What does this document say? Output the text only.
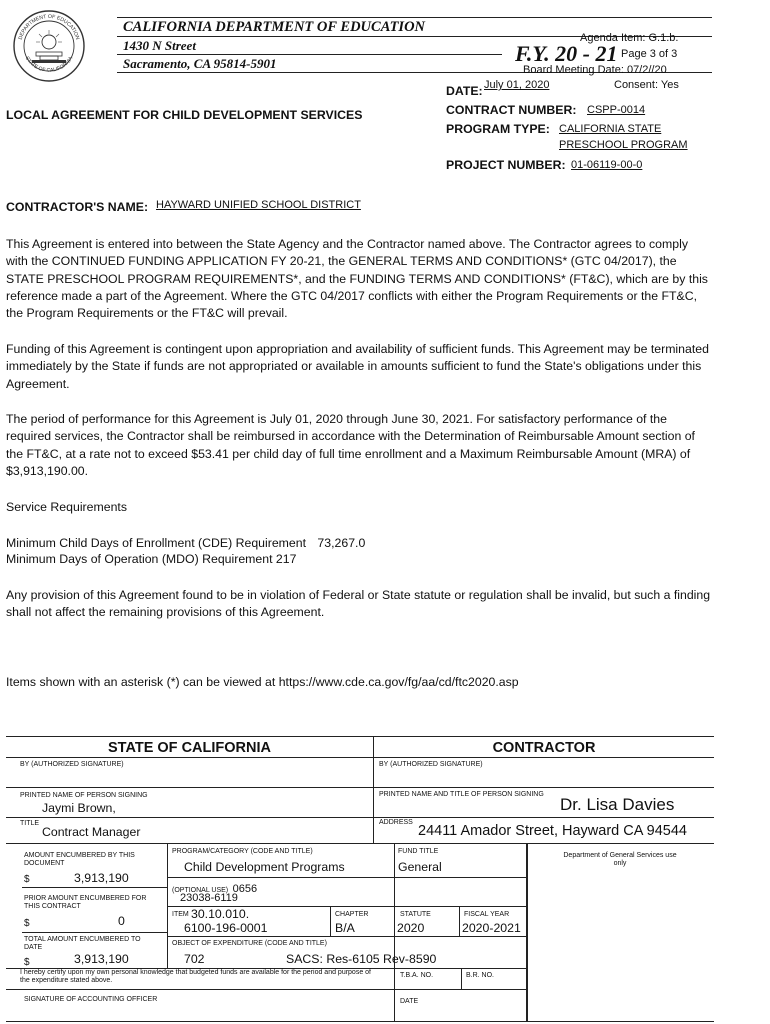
DEPARTMENT OF EDUCATION
STATE OF CALIFORNIA
CALIFORNIA DEPARTMENT OF EDUCATION
1430 N Street
Sacramento, CA 95814-5901
Agenda Item: G.1.b.
F.Y. 20 - 21 Page 3 of 3
Board Meeting Date: 07/2//20
DATE: July 01, 2020	Consent: Yes
LOCAL AGREEMENT FOR CHILD DEVELOPMENT SERVICES	CONTRACT NUMBER: CSPP-0014
PROGRAM TYPE: CALIFORNIA STATE
PRESCHOOL PROGRAM
PROJECT NUMBER: 01-06119-00-0
CONTRACTOR'S NAME: HAYWARD UNIFIED SCHOOL DISTRICT
This Agreement is entered into between the State Agency and the Contractor named above. The Contractor agrees to comply with the CONTINUED FUNDING APPLICATION FY 20-21, the GENERAL TERMS AND CONDITIONS* (GTC 04/2017), the STATE PRESCHOOL PROGRAM REQUIREMENTS*, and the FUNDING TERMS AND CONDITIONS* (FT&C), which are by this reference made a part of the Agreement. Where the GTC 04/2017 conflicts with either the Program Requirements or the FT&C, the Program Requirements or the FT&C will prevail.
Funding of this Agreement is contingent upon appropriation and availability of sufficient funds. This Agreement may be terminated immediately by the State if funds are not appropriated or available in amounts sufficient to fund the State's obligations under this Agreement.
The period of performance for this Agreement is July 01, 2020 through June 30, 2021. For satisfactory performance of the required services, the Contractor shall be reimbursed in accordance with the Determination of Reimbursable Amount section of the FT&C, at a rate not to exceed $53.41 per child day of full time enrollment and a Maximum Reimbursable Amount (MRA) of $3,913,190.00.
Service Requirements
Minimum Child Days of Enrollment (CDE) Requirement 73,267.0
Minimum Days of Operation (MDO) Requirement 217
Any provision of this Agreement found to be in violation of Federal or State statute or regulation shall be invalid, but such a finding shall not affect the remaining provisions of this Agreement.
Items shown with an asterisk (*) can be viewed at https://www.cde.ca.gov/fg/aa/cd/ftc2020.asp
STATE OF CALIFORNIA	CONTRACTOR
BY (AUTHORIZED SIGNATURE)	BY (AUTHORIZED SIGNATURE)
PRINTED NAME OF PERSON SIGNING
Jaymi Brown,
PRINTED NAME AND TITLE OF PERSON SIGNING
Dr. Lisa Davies
TITLE
Contract Manager
ADDRESS
24411 Amador Street, Hayward CA 94544
AMOUNT ENCUMBERED BY THIS DOCUMENT
$	3,913,190
PRIOR AMOUNT ENCUMBERED FOR THIS CONTRACT
$	0
TOTAL AMOUNT ENCUMBERED TO DATE
$	3,913,190
PROGRAM/CATEGORY (CODE AND TITLE)
Child Development Programs
FUND TITLE
General
(OPTIONAL USE) 0656
23038-6119
ITEM 30.10.010.
6100-196-0001
CHAPTER
B/A
STATUTE
2020
FISCAL YEAR
2020-2021
OBJECT OF EXPENDITURE (CODE AND TITLE)
702	SACS: Res-6105 Rev-8590
I hereby certify upon my own personal knowledge that budgeted funds are available for the period and purpose of the expenditure stated above.
T.B.A. NO.	B.R. NO.
SIGNATURE OF ACCOUNTING OFFICER	DATE
Department of General Services use only
